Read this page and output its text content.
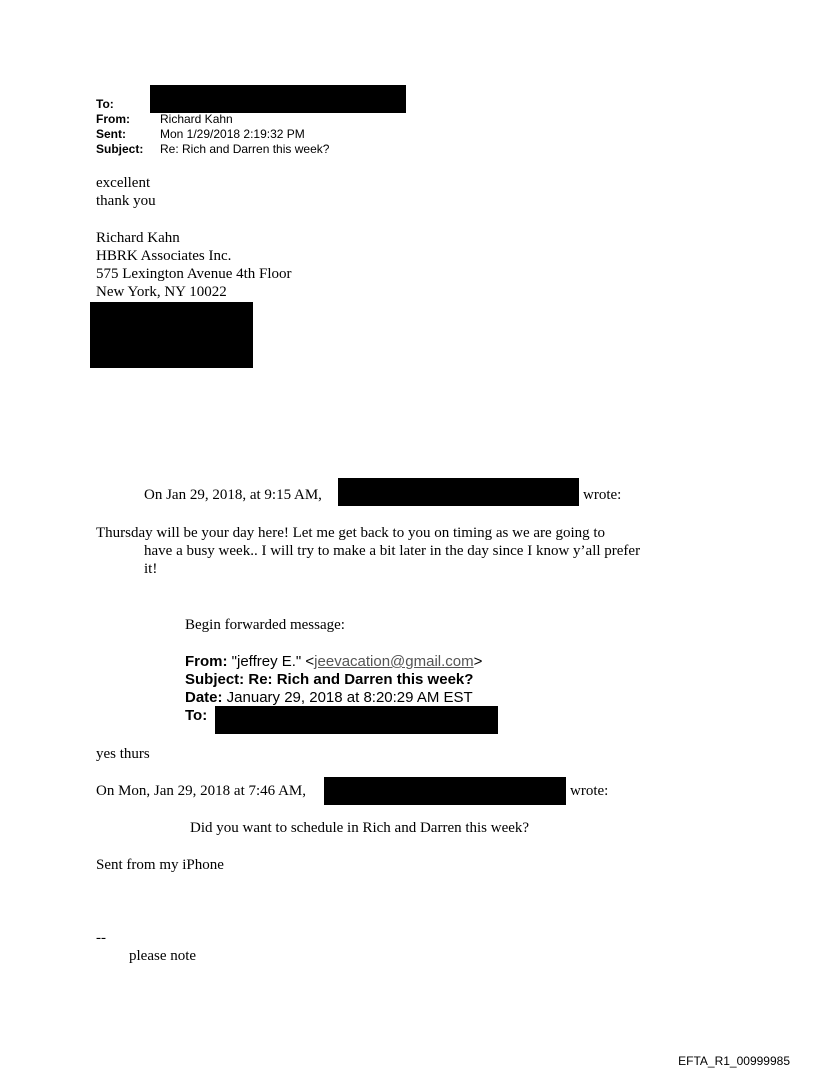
To:
From:	Richard Kahn
Sent:	Mon 1/29/2018 2:19:32 PM
Subject: Re: Rich and Darren this week?
excellent
thank you
Richard Kahn
HBRK Associates Inc.
575 Lexington Avenue 4th Floor
New York, NY 10022
On Jan 29, 2018, at 9:15 AM,	wrote:
Thursday will be your day here! Let me get back to you on timing as we are going to
have a busy week.. I will try to make a bit later in the day since I know y’all prefer
it!
Begin forwarded message:
From: "jeffrey E." <jeevacation@gmail.com>
Subject: Re: Rich and Darren this week?
Date: January 29, 2018 at 8:20:29 AM EST
To:
yes thurs
On Mon, Jan 29, 2018 at 7:46 AM,	wrote:
Did you want to schedule in Rich and Darren this week?
Sent from my iPhone
--
please note
EFTA_R1_00999985
